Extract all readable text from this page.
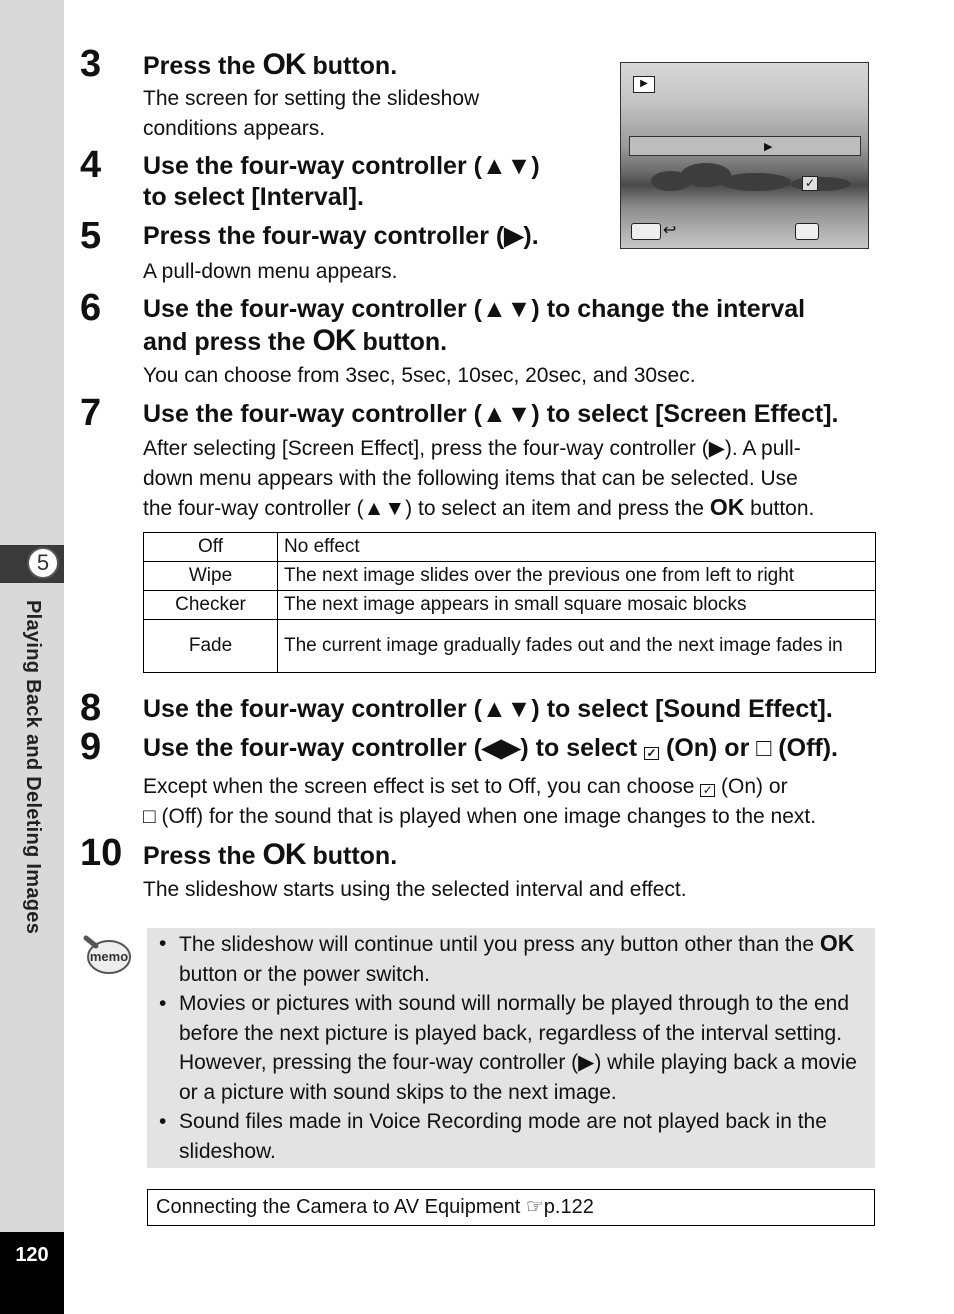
5
Playing Back and Deleting Images
120
3 Press the OK button.
The screen for setting the slideshow
conditions appears.
▶
▶
✓
↩
4 Use the four-way controller (▲▼)
to select [Interval].
5 Press the four-way controller (▶).
A pull-down menu appears.
6 Use the four-way controller (▲▼) to change the interval
and press the OK button.
You can choose from 3sec, 5sec, 10sec, 20sec, and 30sec.
7 Use the four-way controller (▲▼) to select [Screen Effect].
After selecting [Screen Effect], press the four-way controller (▶). A pull-
down menu appears with the following items that can be selected. Use
the four-way controller (▲▼) to select an item and press the OK button.
Off	No effect
Wipe	The next image slides over the previous one from left to right
Checker	The next image appears in small square mosaic blocks
Fade	The current image gradually fades out and the next image fades in
8 Use the four-way controller (▲▼) to select [Sound Effect].
9 Use the four-way controller (◀▶) to select ✓ (On) or □ (Off).
Except when the screen effect is set to Off, you can choose ✓ (On) or
□ (Off) for the sound that is played when one image changes to the next.
10 Press the OK button.
The slideshow starts using the selected interval and effect.
memo
• The slideshow will continue until you press any button other than the OK button or the power switch.
• Movies or pictures with sound will normally be played through to the end before the next picture is played back, regardless of the interval setting. However, pressing the four-way controller (▶) while playing back a movie or a picture with sound skips to the next image.
• Sound files made in Voice Recording mode are not played back in the slideshow.
Connecting the Camera to AV Equipment ☞p.122
